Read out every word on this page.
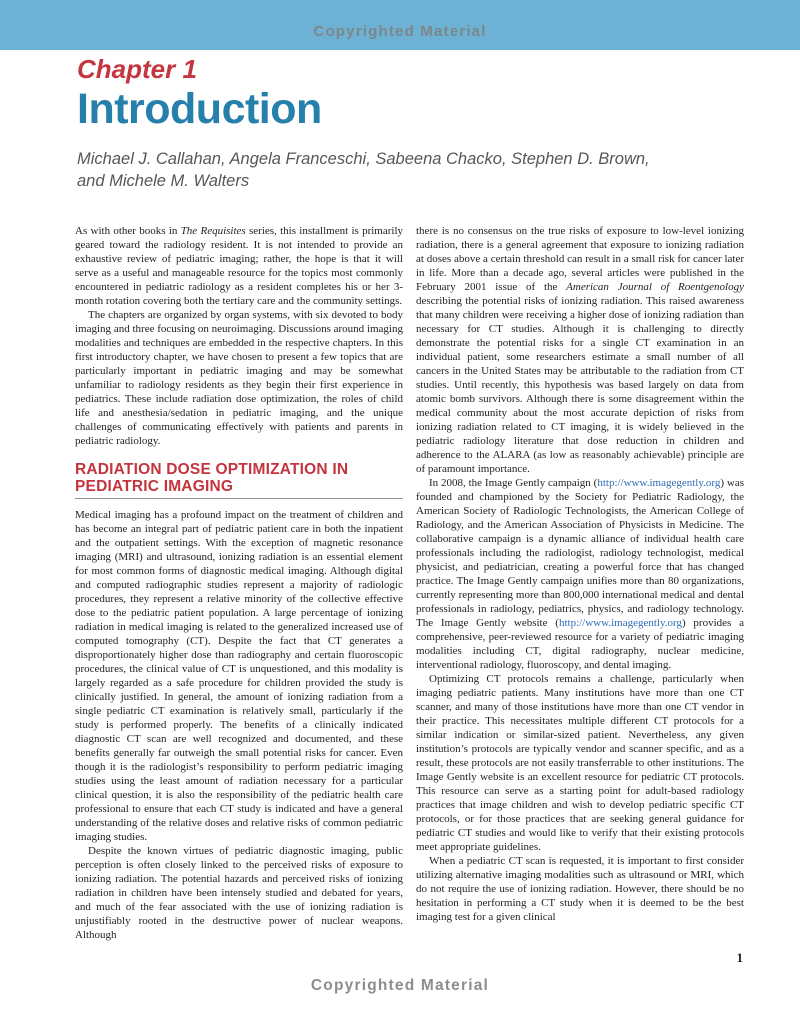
Copyrighted Material
Chapter 1
Introduction
Michael J. Callahan, Angela Franceschi, Sabeena Chacko, Stephen D. Brown, and Michele M. Walters

As with other books in The Requisites series, this installment is primarily geared toward the radiology resident. It is not intended to provide an exhaustive review of pediatric imaging; rather, the hope is that it will serve as a useful and manageable resource for the topics most commonly encountered in pediatric radiology as a resident completes his or her 3-month rotation covering both the tertiary care and the community settings.

The chapters are organized by organ systems, with six devoted to body imaging and three focusing on neuroimaging. Discussions around imaging modalities and techniques are embedded in the respective chapters. In this first introductory chapter, we have chosen to present a few topics that are particularly important in pediatric imaging and may be somewhat unfamiliar to radiology residents as they begin their first experience in pediatrics. These include radiation dose optimization, the roles of child life and anesthesia/sedation in pediatric imaging, and the unique challenges of communicating effectively with patients and parents in pediatric radiology.

RADIATION DOSE OPTIMIZATION IN PEDIATRIC IMAGING

Medical imaging has a profound impact on the treatment of children and has become an integral part of pediatric patient care in both the inpatient and the outpatient settings. With the exception of magnetic resonance imaging (MRI) and ultrasound, ionizing radiation is an essential element for most common forms of diagnostic medical imaging. Although digital and computed radiographic studies represent a majority of radiologic procedures, they represent a relative minority of the collective effective dose to the pediatric patient population. A large percentage of ionizing radiation in medical imaging is related to the generalized increased use of computed tomography (CT). Despite the fact that CT generates a disproportionately higher dose than radiography and certain fluoroscopic procedures, the clinical value of CT is unquestioned, and this modality is largely regarded as a safe procedure for children provided the study is clinically justified. In general, the amount of ionizing radiation from a single pediatric CT examination is relatively small, particularly if the study is performed properly. The benefits of a clinically indicated diagnostic CT scan are well recognized and documented, and these benefits generally far outweigh the small potential risks for cancer. Even though it is the radiologist’s responsibility to perform pediatric imaging studies using the least amount of radiation necessary for a particular clinical question, it is also the responsibility of the pediatric health care professional to ensure that each CT study is indicated and have a general understanding of the relative doses and relative risks of common pediatric imaging studies.

Despite the known virtues of pediatric diagnostic imaging, public perception is often closely linked to the perceived risks of exposure to ionizing radiation. The potential hazards and perceived risks of ionizing radiation in children have been intensely studied and debated for years, and much of the fear associated with the use of ionizing radiation is unjustifiably rooted in the destructive power of nuclear weapons. Although

there is no consensus on the true risks of exposure to low-level ionizing radiation, there is a general agreement that exposure to ionizing radiation at doses above a certain threshold can result in a small risk for cancer later in life. More than a decade ago, several articles were published in the February 2001 issue of the American Journal of Roentgenology describing the potential risks of ionizing radiation. This raised awareness that many children were receiving a higher dose of ionizing radiation than necessary for CT studies. Although it is challenging to directly demonstrate the potential risks for a single CT examination in an individual patient, some researchers estimate a small number of all cancers in the United States may be attributable to the radiation from CT studies. Until recently, this hypothesis was based largely on data from atomic bomb survivors. Although there is some disagreement within the medical community about the most accurate depiction of risks from ionizing radiation related to CT imaging, it is widely believed in the pediatric radiology literature that dose reduction in children and adherence to the ALARA (as low as reasonably achievable) principle are of paramount importance.

In 2008, the Image Gently campaign (http://www.imagegently.org) was founded and championed by the Society for Pediatric Radiology, the American Society of Radiologic Technologists, the American College of Radiology, and the American Association of Physicists in Medicine. The collaborative campaign is a dynamic alliance of individual health care professionals including the radiologist, radiology technologist, medical physicist, and pediatrician, creating a powerful force that has changed practice. The Image Gently campaign unifies more than 80 organizations, currently representing more than 800,000 international medical and dental professionals in radiology, pediatrics, physics, and radiology technology. The Image Gently website (http://www.imagegently.org) provides a comprehensive, peer-reviewed resource for a variety of pediatric imaging modalities including CT, digital radiography, nuclear medicine, interventional radiology, fluoroscopy, and dental imaging.

Optimizing CT protocols remains a challenge, particularly when imaging pediatric patients. Many institutions have more than one CT scanner, and many of those institutions have more than one CT vendor in their practice. This necessitates multiple different CT protocols for a similar indication or similar-sized patient. Nevertheless, any given institution’s protocols are typically vendor and scanner specific, and as a result, these protocols are not easily transferrable to other institutions. The Image Gently website is an excellent resource for pediatric CT protocols. This resource can serve as a starting point for adult-based radiology practices that image children and wish to develop pediatric specific CT protocols, or for those practices that are seeking general guidance for pediatric CT studies and would like to verify that their existing protocols meet appropriate guidelines.

When a pediatric CT scan is requested, it is important to first consider utilizing alternative imaging modalities such as ultrasound or MRI, which do not require the use of ionizing radiation. However, there should be no hesitation in performing a CT study when it is deemed to be the best imaging test for a given clinical

1
Copyrighted Material
